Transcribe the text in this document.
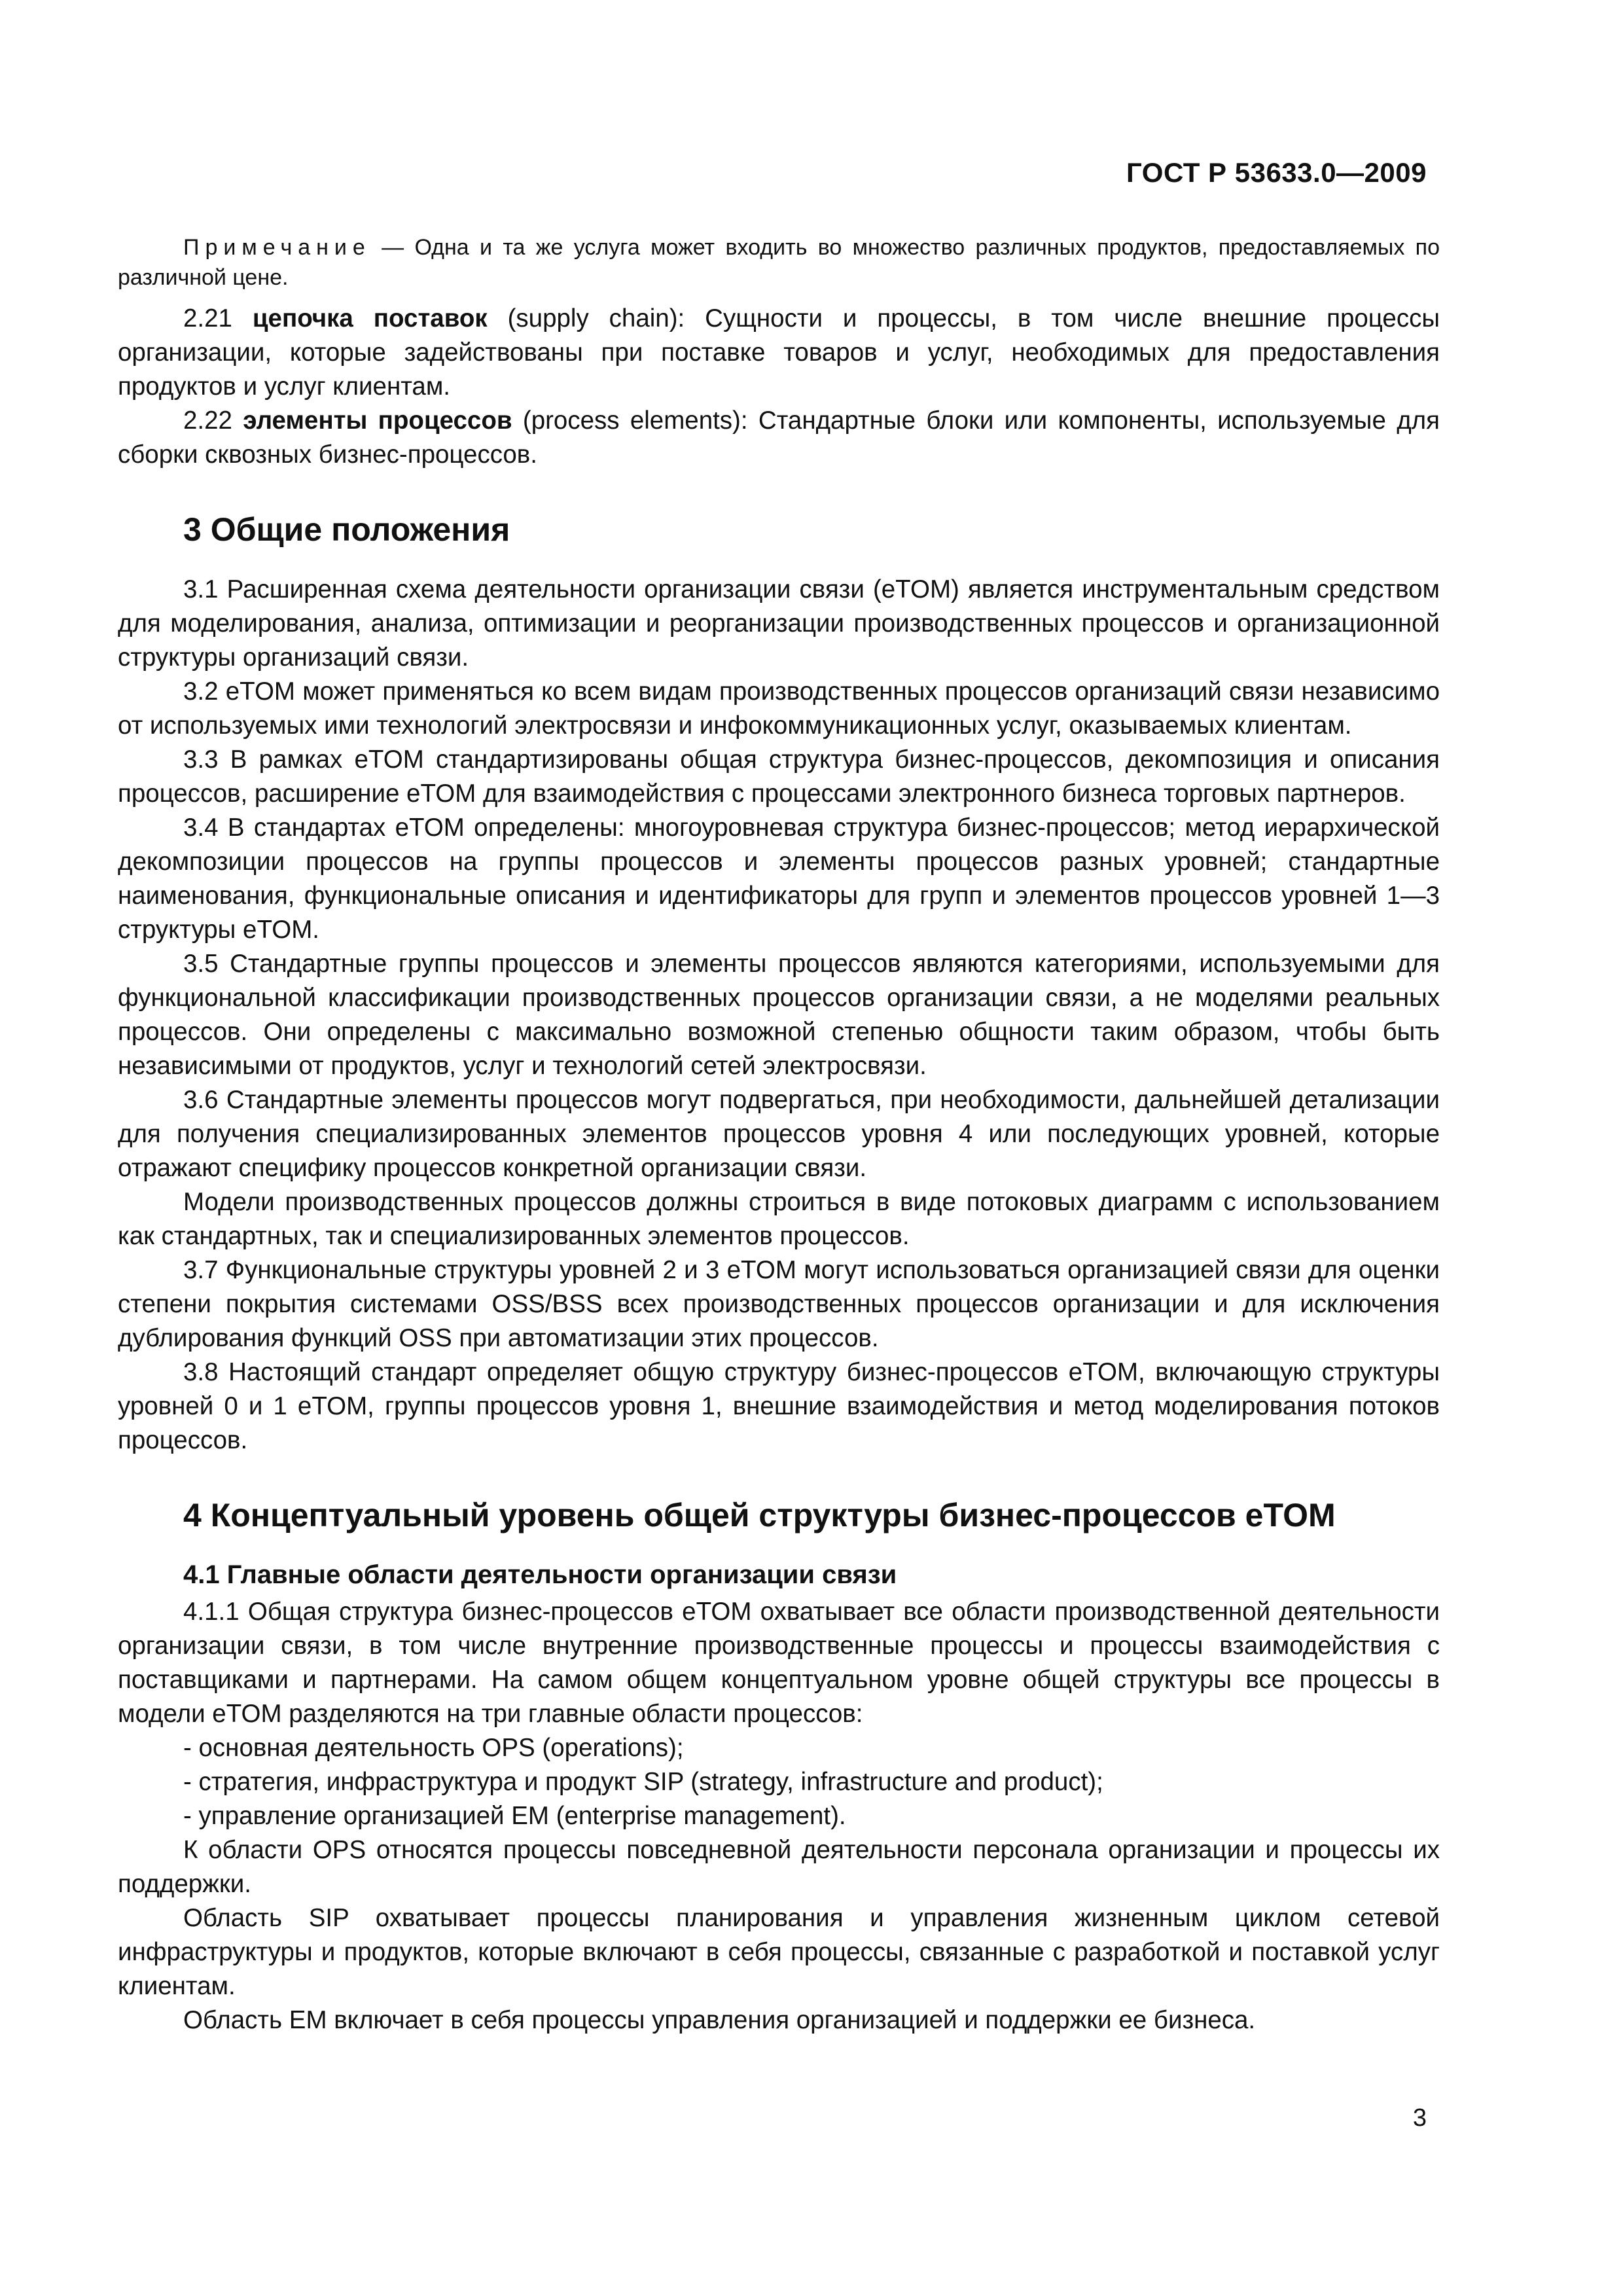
ГОСТ Р 53633.0—2009

Примечание — Одна и та же услуга может входить во множество различных продуктов, предоставляемых по различной цене.

2.21 цепочка поставок (supply chain): Сущности и процессы, в том числе внешние процессы организации, которые задействованы при поставке товаров и услуг, необходимых для предоставления продуктов и услуг клиентам.

2.22 элементы процессов (process elements): Стандартные блоки или компоненты, используемые для сборки сквозных бизнес-процессов.

3 Общие положения

3.1 Расширенная схема деятельности организации связи (eTOM) является инструментальным средством для моделирования, анализа, оптимизации и реорганизации производственных процессов и организационной структуры организаций связи.

3.2 eTOM может применяться ко всем видам производственных процессов организаций связи независимо от используемых ими технологий электросвязи и инфокоммуникационных услуг, оказываемых клиентам.

3.3 В рамках eTOM стандартизированы общая структура бизнес-процессов, декомпозиция и описания процессов, расширение eTOM для взаимодействия с процессами электронного бизнеса торговых партнеров.

3.4 В стандартах eTOM определены: многоуровневая структура бизнес-процессов; метод иерархической декомпозиции процессов на группы процессов и элементы процессов разных уровней; стандартные наименования, функциональные описания и идентификаторы для групп и элементов процессов уровней 1—3 структуры eTOM.

3.5 Стандартные группы процессов и элементы процессов являются категориями, используемыми для функциональной классификации производственных процессов организации связи, а не моделями реальных процессов. Они определены с максимально возможной степенью общности таким образом, чтобы быть независимыми от продуктов, услуг и технологий сетей электросвязи.

3.6 Стандартные элементы процессов могут подвергаться, при необходимости, дальнейшей детализации для получения специализированных элементов процессов уровня 4 или последующих уровней, которые отражают специфику процессов конкретной организации связи.

Модели производственных процессов должны строиться в виде потоковых диаграмм с использованием как стандартных, так и специализированных элементов процессов.

3.7 Функциональные структуры уровней 2 и 3 eTOM могут использоваться организацией связи для оценки степени покрытия системами OSS/BSS всех производственных процессов организации и для исключения дублирования функций OSS при автоматизации этих процессов.

3.8 Настоящий стандарт определяет общую структуру бизнес-процессов eTOM, включающую структуры уровней 0 и 1 eTOM, группы процессов уровня 1, внешние взаимодействия и метод моделирования потоков процессов.

4 Концептуальный уровень общей структуры бизнес-процессов eTOM
4.1 Главные области деятельности организации связи

4.1.1 Общая структура бизнес-процессов eTOM охватывает все области производственной деятельности организации связи, в том числе внутренние производственные процессы и процессы взаимодействия с поставщиками и партнерами. На самом общем концептуальном уровне общей структуры все процессы в модели eTOM разделяются на три главные области процессов:

- основная деятельность OPS (operations);

- стратегия, инфраструктура и продукт SIP (strategy, infrastructure and product);

- управление организацией EM (enterprise management).

К области OPS относятся процессы повседневной деятельности персонала организации и процессы их поддержки.

Область SIP охватывает процессы планирования и управления жизненным циклом сетевой инфраструктуры и продуктов, которые включают в себя процессы, связанные с разработкой и поставкой услуг клиентам.

Область EM включает в себя процессы управления организацией и поддержки ее бизнеса.

3
